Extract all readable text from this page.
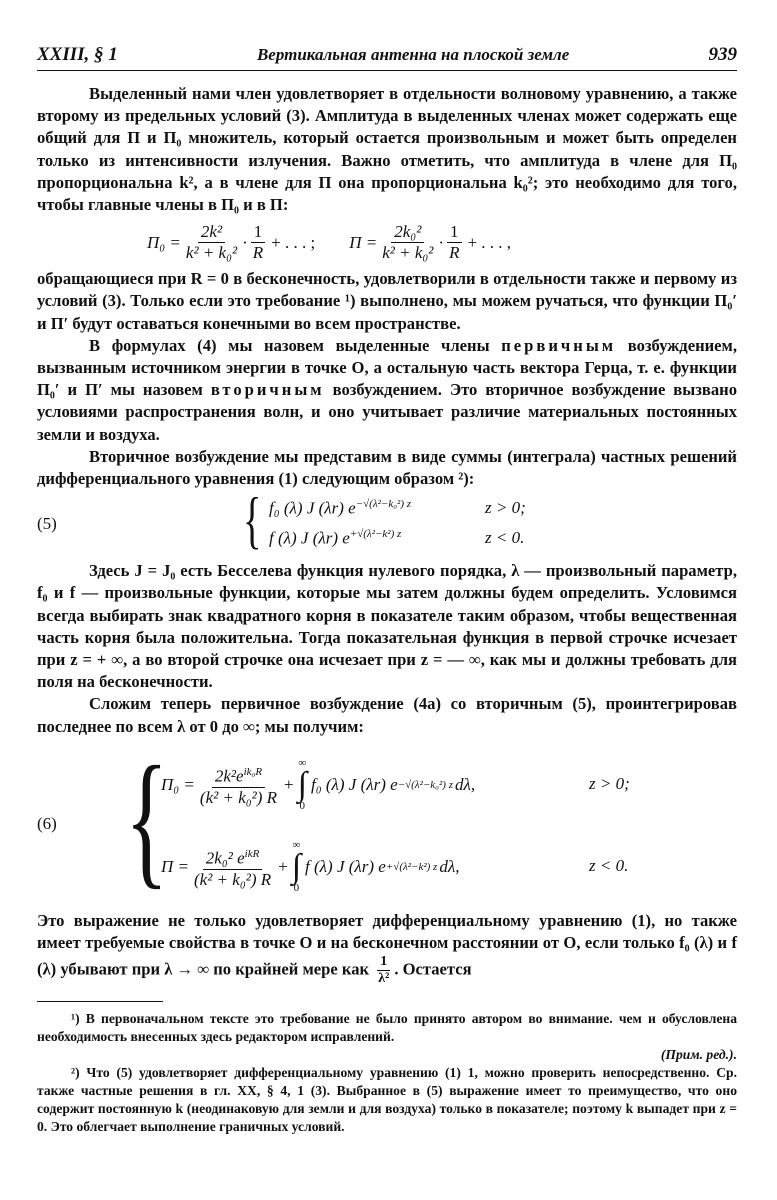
XXIII, § 1	Вертикальная антенна на плоской земле	939

Выделенный нами член удовлетворяет в отдельности волновому уравнению, а также второму из предельных условий (3). Амплитуда в выделенных членах может содержать еще общий для Π и Π₀ множитель, который остается произвольным и может быть определен только из интенсивности излучения. Важно отметить, что амплитуда в члене для Π₀ пропорциональна k², а в члене для Π она пропорциональна k₀²; это необходимо для того, чтобы главные члены в Π₀ и в Π:

$\Pi_0 = \frac{\text{2k²}}{\text{k² + k₀²}} \cdot \frac{1}{R}$ + . . . ; $\Pi = \frac{\text{2k₀²}}{\text{k² + k₀²}} \cdot \frac{1}{R}$ + . . . ,

обращающиеся при R = 0 в бесконечность, удовлетворили в отдельности также и первому из условий (3). Только если это требование ¹) выполнено, мы можем ручаться, что функции Π₀′ и Π′ будут оставаться конечными во всем пространстве.

В формулах (4) мы назовем выделенные члены первичным возбуждением, вызванным источником энергии в точке O, а остальную часть вектора Герца, т. е. функции Π₀′ и Π′ мы назовем вторичным возбуждением. Это вторичное возбуждение вызвано условиями распространения волн, и оно учитывает различие материальных постоянных земли и воздуха.

Вторичное возбуждение мы представим в виде суммы (интеграла) частных решений дифференциального уравнения (1) следующим образом ²):

(5)	{ f₀ (λ) J (λr) $e^{-√(\lambda^2-k_0^2) z}$	z > 0;
f (λ) J (λr) $e^{+√(\lambda^2-k^2) z}$	z < 0.

Здесь J = J₀ есть Бесселева функция нулевого порядка, λ — произвольный параметр, f₀ и f — произвольные функции, которые мы затем должны будем определить. Условимся всегда выбирать знак квадратного корня в показателе таким образом, чтобы вещественная часть корня была положительна. Тогда показательная функция в первой строчке исчезает при z = + ∞, а во второй строчке она исчезает при z = — ∞, как мы и должны требовать для поля на бесконечности.

Сложим теперь первичное возбуждение (4а) со вторичным (5), проинтегрировав последнее по всем λ от 0 до ∞; мы получим:

(6) {
$\Pi_0 = \frac{2k^2e^{ik_0R}}{\text{(k² + k₀²) R}}$ +
∞
∫
0
f₀ (λ) J (λr) e −√(λ²−k₀²) z dλ,	z > 0;
$\Pi = \frac{2k_0^2 e^{ikR}}{\text{(k² + k₀²) R}}$ +
∞
∫
0
f (λ) J (λr) e +√(λ²−k²) z dλ,	z < 0.

Это выражение не только удовлетворяет дифференциальному уравнению (1), но также имеет требуемые свойства в точке O и на бесконечном расстоянии от O, если только f₀ (λ) и f (λ) убывают при λ → ∞ по крайней мере как $\frac{1}{\text{λ²}}$ . Остается

¹) В первоначальном тексте это требование не было принято автором во внимание. чем и обусловлена необходимость внесенных здесь редактором исправлений.

(Прим. ред.).

²) Что (5) удовлетворяет дифференциальному уравнению (1) 1, можно проверить непосредственно. Ср. также частные решения в гл. XX, § 4, 1 (3). Выбранное в (5) выражение имеет то преимущество, что оно содержит постоянную k (неодинаковую для земли и для воздуха) только в показателе; поэтому k выпадет при z = 0. Это облегчает выполнение граничных условий.
